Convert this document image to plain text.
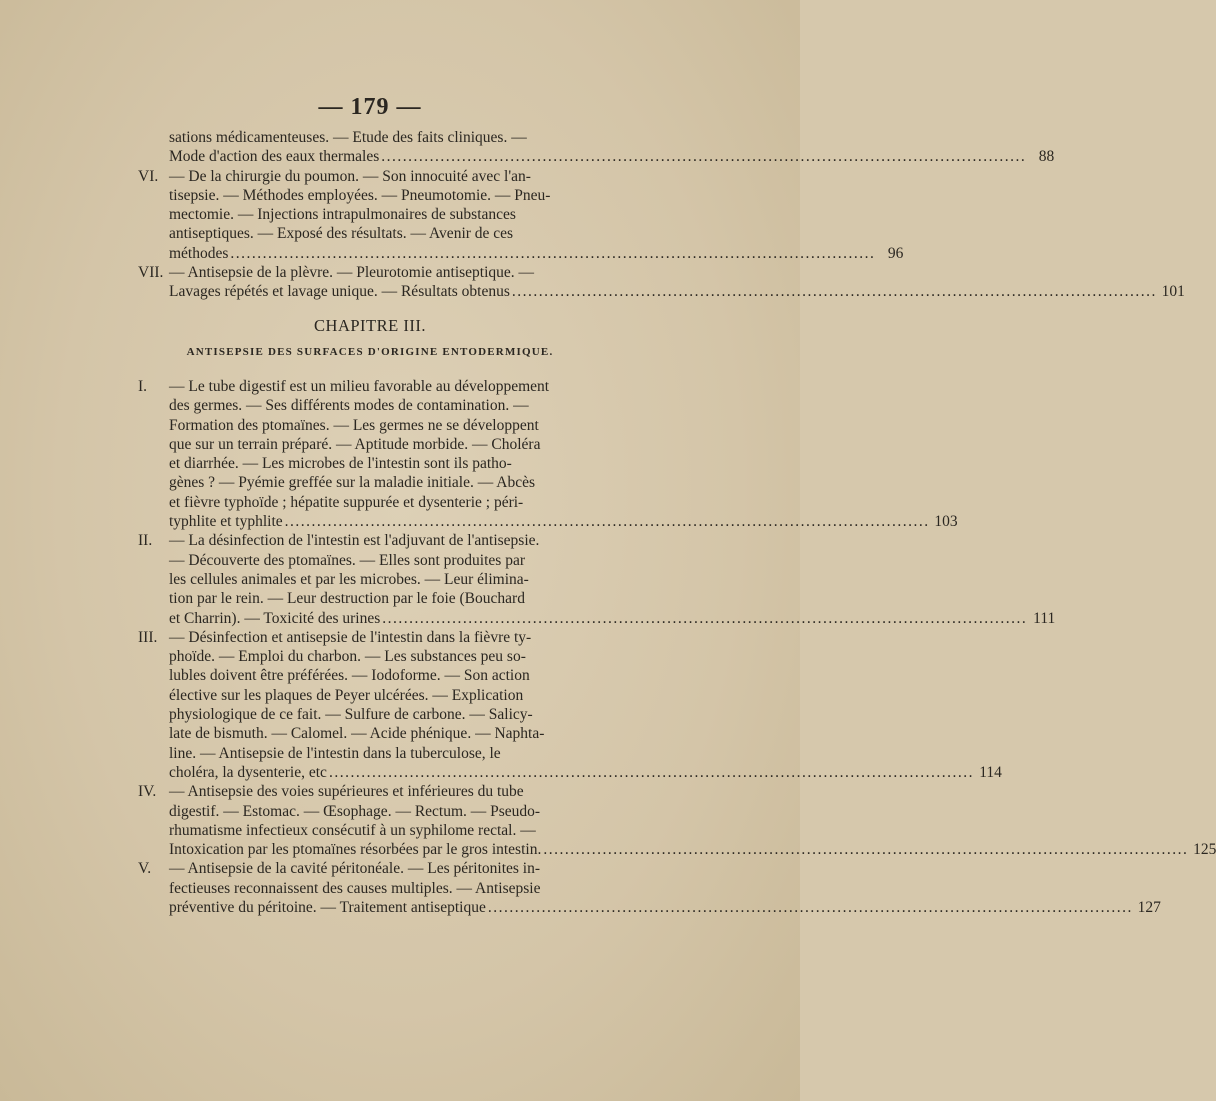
— 179 —
sations médicamenteuses. — Etude des faits cliniques. —
Mode d'action des eaux thermales ........................................................................................................................ 88
VI. — De la chirurgie du poumon. — Son innocuité avec l'an-
tisepsie. — Méthodes employées. — Pneumotomie. — Pneu-
mectomie. — Injections intrapulmonaires de substances
antiseptiques. — Exposé des résultats. — Avenir de ces
méthodes ........................................................................................................................ 96
VII. — Antisepsie de la plèvre. — Pleurotomie antiseptique. —
Lavages répétés et lavage unique. — Résultats obtenus ........................................................................................................................ 101
CHAPITRE III.
ANTISEPSIE DES SURFACES D'ORIGINE ENTODERMIQUE.
I. — Le tube digestif est un milieu favorable au développement
des germes. — Ses différents modes de contamination. —
Formation des ptomaïnes. — Les germes ne se développent
que sur un terrain préparé. — Aptitude morbide. — Choléra
et diarrhée. — Les microbes de l'intestin sont ils patho-
gènes ? — Pyémie greffée sur la maladie initiale. — Abcès
et fièvre typhoïde ; hépatite suppurée et dysenterie ; péri-
typhlite et typhlite ........................................................................................................................ 103
II. — La désinfection de l'intestin est l'adjuvant de l'antisepsie.
— Découverte des ptomaïnes. — Elles sont produites par
les cellules animales et par les microbes. — Leur élimina-
tion par le rein. — Leur destruction par le foie (Bouchard
et Charrin). — Toxicité des urines ........................................................................................................................ 111
III. — Désinfection et antisepsie de l'intestin dans la fièvre ty-
phoïde. — Emploi du charbon. — Les substances peu so-
lubles doivent être préférées. — Iodoforme. — Son action
élective sur les plaques de Peyer ulcérées. — Explication
physiologique de ce fait. — Sulfure de carbone. — Salicy-
late de bismuth. — Calomel. — Acide phénique. — Naphta-
line. — Antisepsie de l'intestin dans la tuberculose, le
choléra, la dysenterie, etc ........................................................................................................................ 114
IV. — Antisepsie des voies supérieures et inférieures du tube
digestif. — Estomac. — Œsophage. — Rectum. — Pseudo-
rhumatisme infectieux consécutif à un syphilome rectal. —
Intoxication par les ptomaïnes résorbées par le gros intestin. ........................................................................................................................ 125
V. — Antisepsie de la cavité péritonéale. — Les péritonites in-
fectieuses reconnaissent des causes multiples. — Antisepsie
préventive du péritoine. — Traitement antiseptique ........................................................................................................................ 127
